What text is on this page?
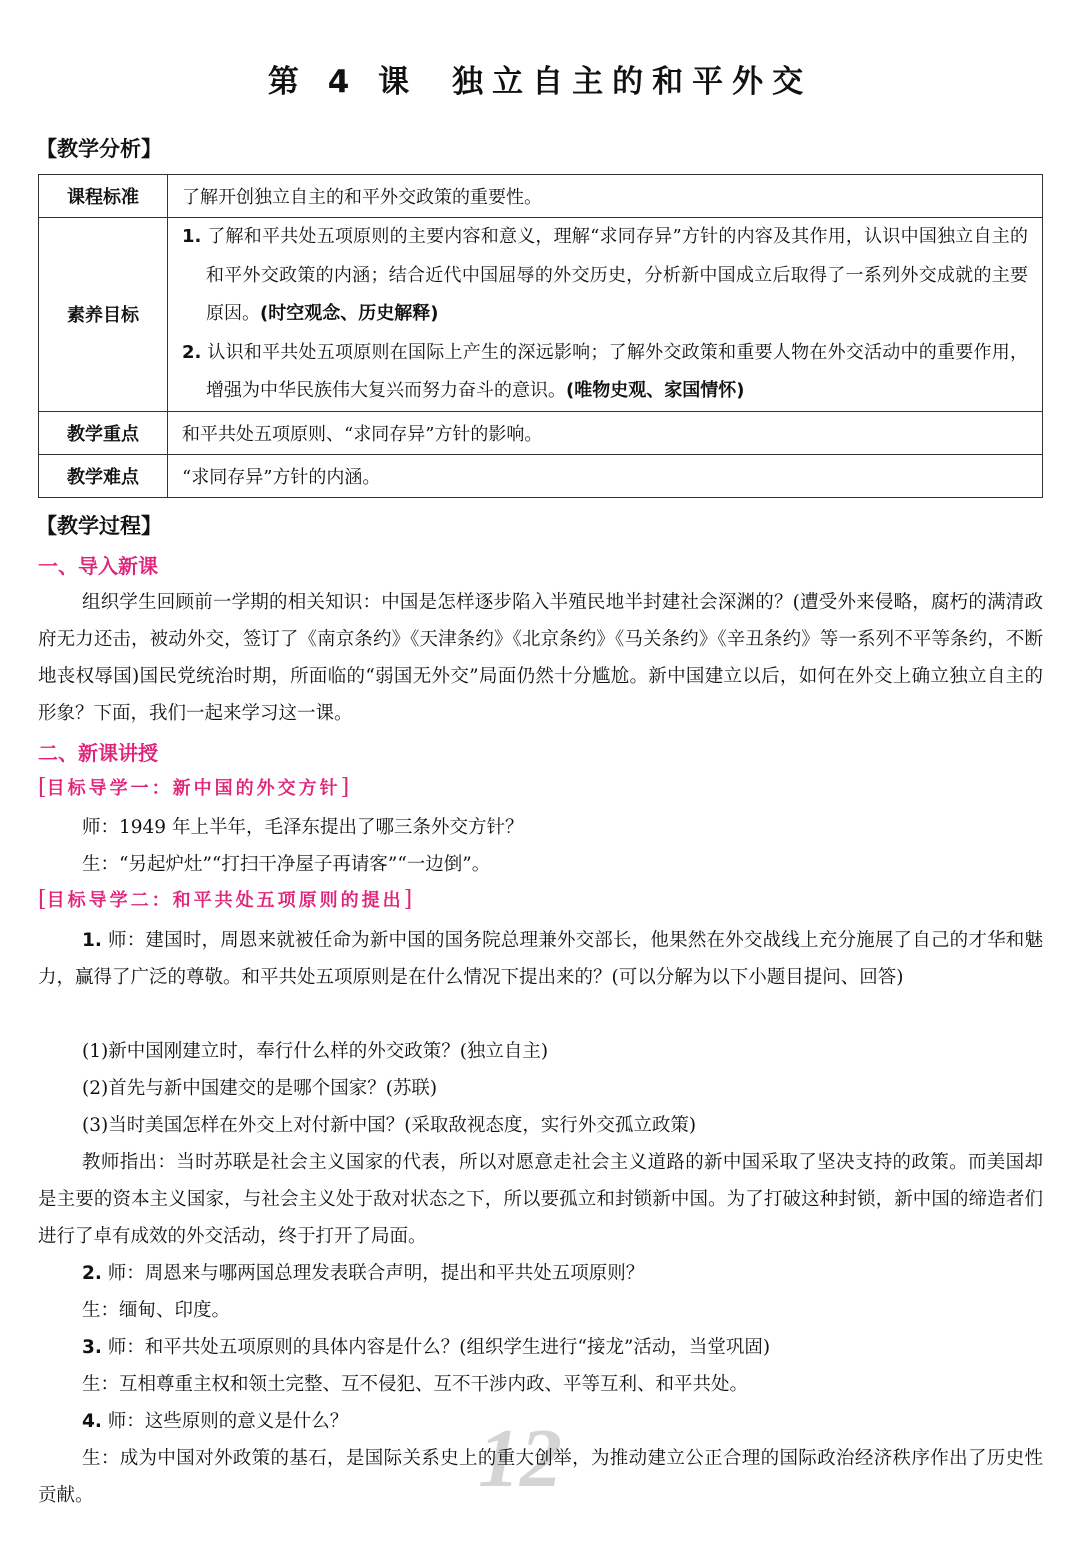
第 4 课 独立自主的和平外交
【教学分析】
课程标准	了解开创独立自主的和平外交政策的重要性。
素养目标	1. 了解和平共处五项原则的主要内容和意义，理解“求同存异”方针的内容及其作用，认识中国独立自主的和平外交政策的内涵；结合近代中国屈辱的外交历史，分析新中国成立后取得了一系列外交成就的主要原因。(时空观念、历史解释)
2. 认识和平共处五项原则在国际上产生的深远影响；了解外交政策和重要人物在外交活动中的重要作用，增强为中华民族伟大复兴而努力奋斗的意识。(唯物史观、家国情怀)

教学重点	和平共处五项原则、“求同存异”方针的影响。
教学难点	“求同存异”方针的内涵。
【教学过程】
一、导入新课
组织学生回顾前一学期的相关知识：中国是怎样逐步陷入半殖民地半封建社会深渊的？(遭受外来侵略，腐朽的满清政府无力还击，被动外交，签订了《南京条约》《天津条约》《北京条约》《马关条约》《辛丑条约》等一系列不平等条约，不断地丧权辱国)国民党统治时期，所面临的“弱国无外交”局面仍然十分尴尬。新中国建立以后，如何在外交上确立独立自主的形象？下面，我们一起来学习这一课。
二、新课讲授
[目标导学一：新中国的外交方针]
师：1949 年上半年，毛泽东提出了哪三条外交方针？
生：“另起炉灶”“打扫干净屋子再请客”“一边倒”。
[目标导学二：和平共处五项原则的提出]
1. 师：建国时，周恩来就被任命为新中国的国务院总理兼外交部长，他果然在外交战线上充分施展了自己的才华和魅力，赢得了广泛的尊敬。和平共处五项原则是在什么情况下提出来的？(可以分解为以下小题目提问、回答)
(1)新中国刚建立时，奉行什么样的外交政策？(独立自主)
(2)首先与新中国建交的是哪个国家？(苏联)
(3)当时美国怎样在外交上对付新中国？(采取敌视态度，实行外交孤立政策)
教师指出：当时苏联是社会主义国家的代表，所以对愿意走社会主义道路的新中国采取了坚决支持的政策。而美国却是主要的资本主义国家，与社会主义处于敌对状态之下，所以要孤立和封锁新中国。为了打破这种封锁，新中国的缔造者们进行了卓有成效的外交活动，终于打开了局面。
2. 师：周恩来与哪两国总理发表联合声明，提出和平共处五项原则？
生：缅甸、印度。
3. 师：和平共处五项原则的具体内容是什么？(组织学生进行“接龙”活动，当堂巩固)
生：互相尊重主权和领土完整、互不侵犯、互不干涉内政、平等互利、和平共处。
4. 师：这些原则的意义是什么？
生：成为中国对外政策的基石，是国际关系史上的重大创举，为推动建立公正合理的国际政治经济秩序作出了历史性贡献。	12
